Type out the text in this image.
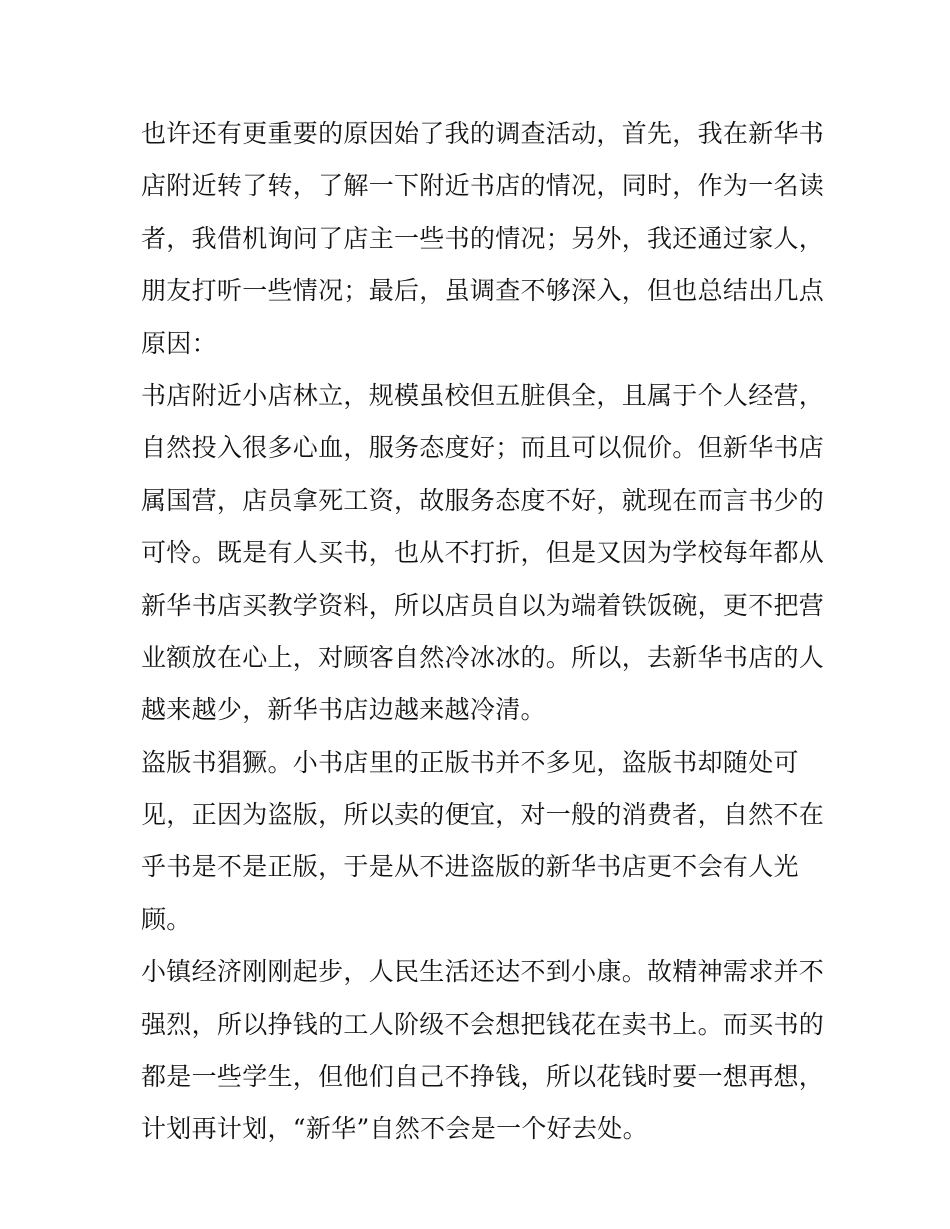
也许还有更重要的原因始了我的调查活动，首先，我在新华书
店附近转了转，了解一下附近书店的情况，同时，作为一名读
者，我借机询问了店主一些书的情况；另外，我还通过家人，
朋友打听一些情况；最后，虽调查不够深入，但也总结出几点
原因：
书店附近小店林立，规模虽校但五脏俱全，且属于个人经营，
自然投入很多心血，服务态度好；而且可以侃价。但新华书店
属国营，店员拿死工资，故服务态度不好，就现在而言书少的
可怜。既是有人买书，也从不打折，但是又因为学校每年都从
新华书店买教学资料，所以店员自以为端着铁饭碗，更不把营
业额放在心上，对顾客自然冷冰冰的。所以，去新华书店的人
越来越少，新华书店边越来越冷清。
盗版书猖獗。小书店里的正版书并不多见，盗版书却随处可
见，正因为盗版，所以卖的便宜，对一般的消费者，自然不在
乎书是不是正版，于是从不进盗版的新华书店更不会有人光
顾。
小镇经济刚刚起步，人民生活还达不到小康。故精神需求并不
强烈，所以挣钱的工人阶级不会想把钱花在卖书上。而买书的
都是一些学生，但他们自己不挣钱，所以花钱时要一想再想，
计划再计划，“新华”自然不会是一个好去处。
